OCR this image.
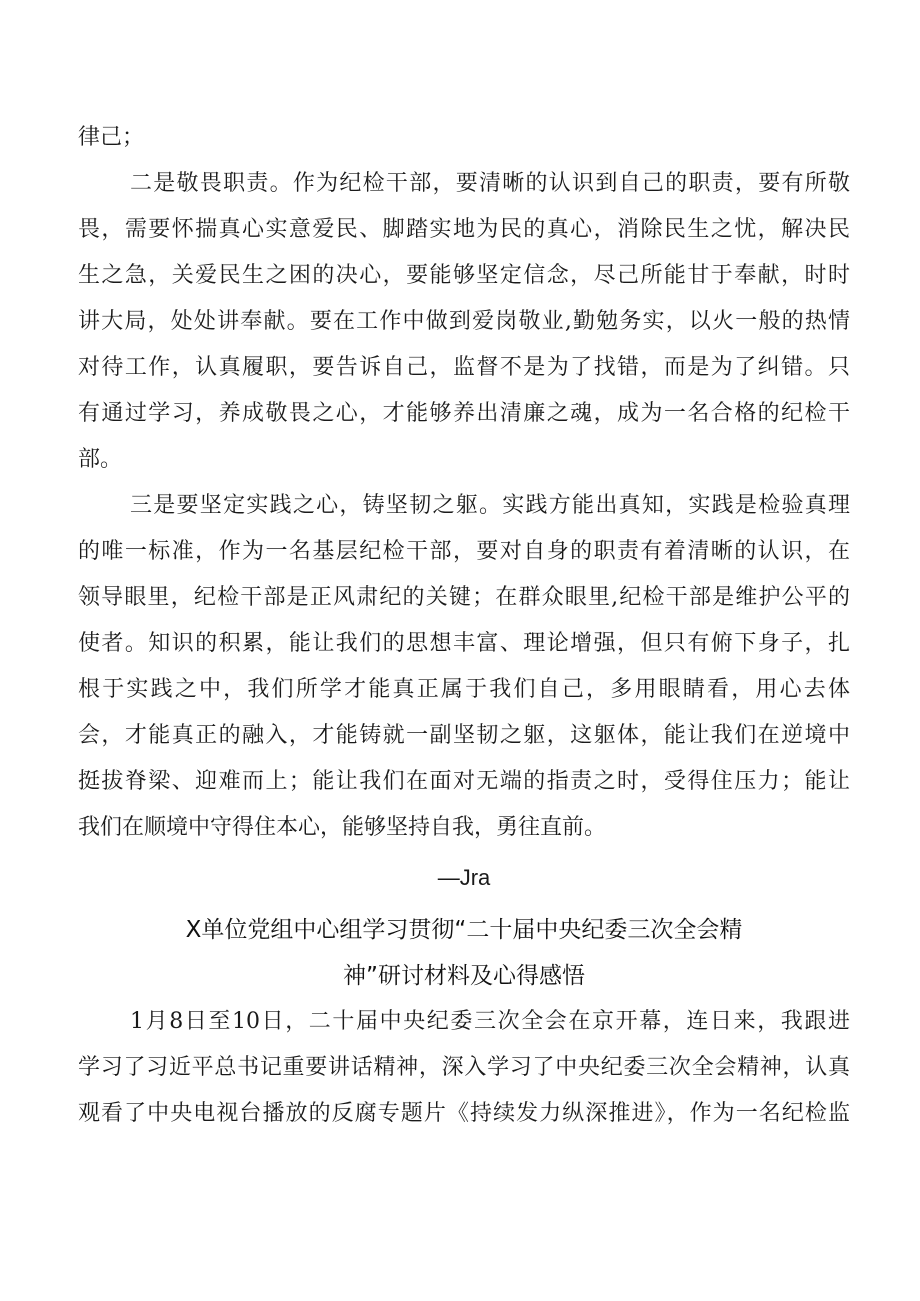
律己；
二是敬畏职责。作为纪检干部，要清晰的认识到自己的职责，要有所敬
畏，需要怀揣真心实意爱民、脚踏实地为民的真心，消除民生之忧，解决民
生之急，关爱民生之困的决心，要能够坚定信念，尽己所能甘于奉献，时时
讲大局，处处讲奉献。要在工作中做到爱岗敬业,勤勉务实，以火一般的热情
对待工作，认真履职，要告诉自己，监督不是为了找错，而是为了纠错。只
有通过学习，养成敬畏之心，才能够养出清廉之魂，成为一名合格的纪检干
部。
三是要坚定实践之心，铸坚韧之躯。实践方能出真知，实践是检验真理
的唯一标准，作为一名基层纪检干部，要对自身的职责有着清晰的认识，在
领导眼里，纪检干部是正风肃纪的关键；在群众眼里,纪检干部是维护公平的
使者。知识的积累，能让我们的思想丰富、理论增强，但只有俯下身子，扎
根于实践之中，我们所学才能真正属于我们自己，多用眼睛看，用心去体
会，才能真正的融入，才能铸就一副坚韧之躯，这躯体，能让我们在逆境中
挺拔脊梁、迎难而上；能让我们在面对无端的指责之时，受得住压力；能让
我们在顺境中守得住本心，能够坚持自我，勇往直前。
—Jra
X单位党组中心组学习贯彻“二十届中央纪委三次全会精
神”研讨材料及心得感悟
1月8日至10日，二十届中央纪委三次全会在京开幕，连日来，我跟进
学习了习近平总书记重要讲话精神，深入学习了中央纪委三次全会精神，认真
观看了中央电视台播放的反腐专题片《持续发力纵深推进》，作为一名纪检监
